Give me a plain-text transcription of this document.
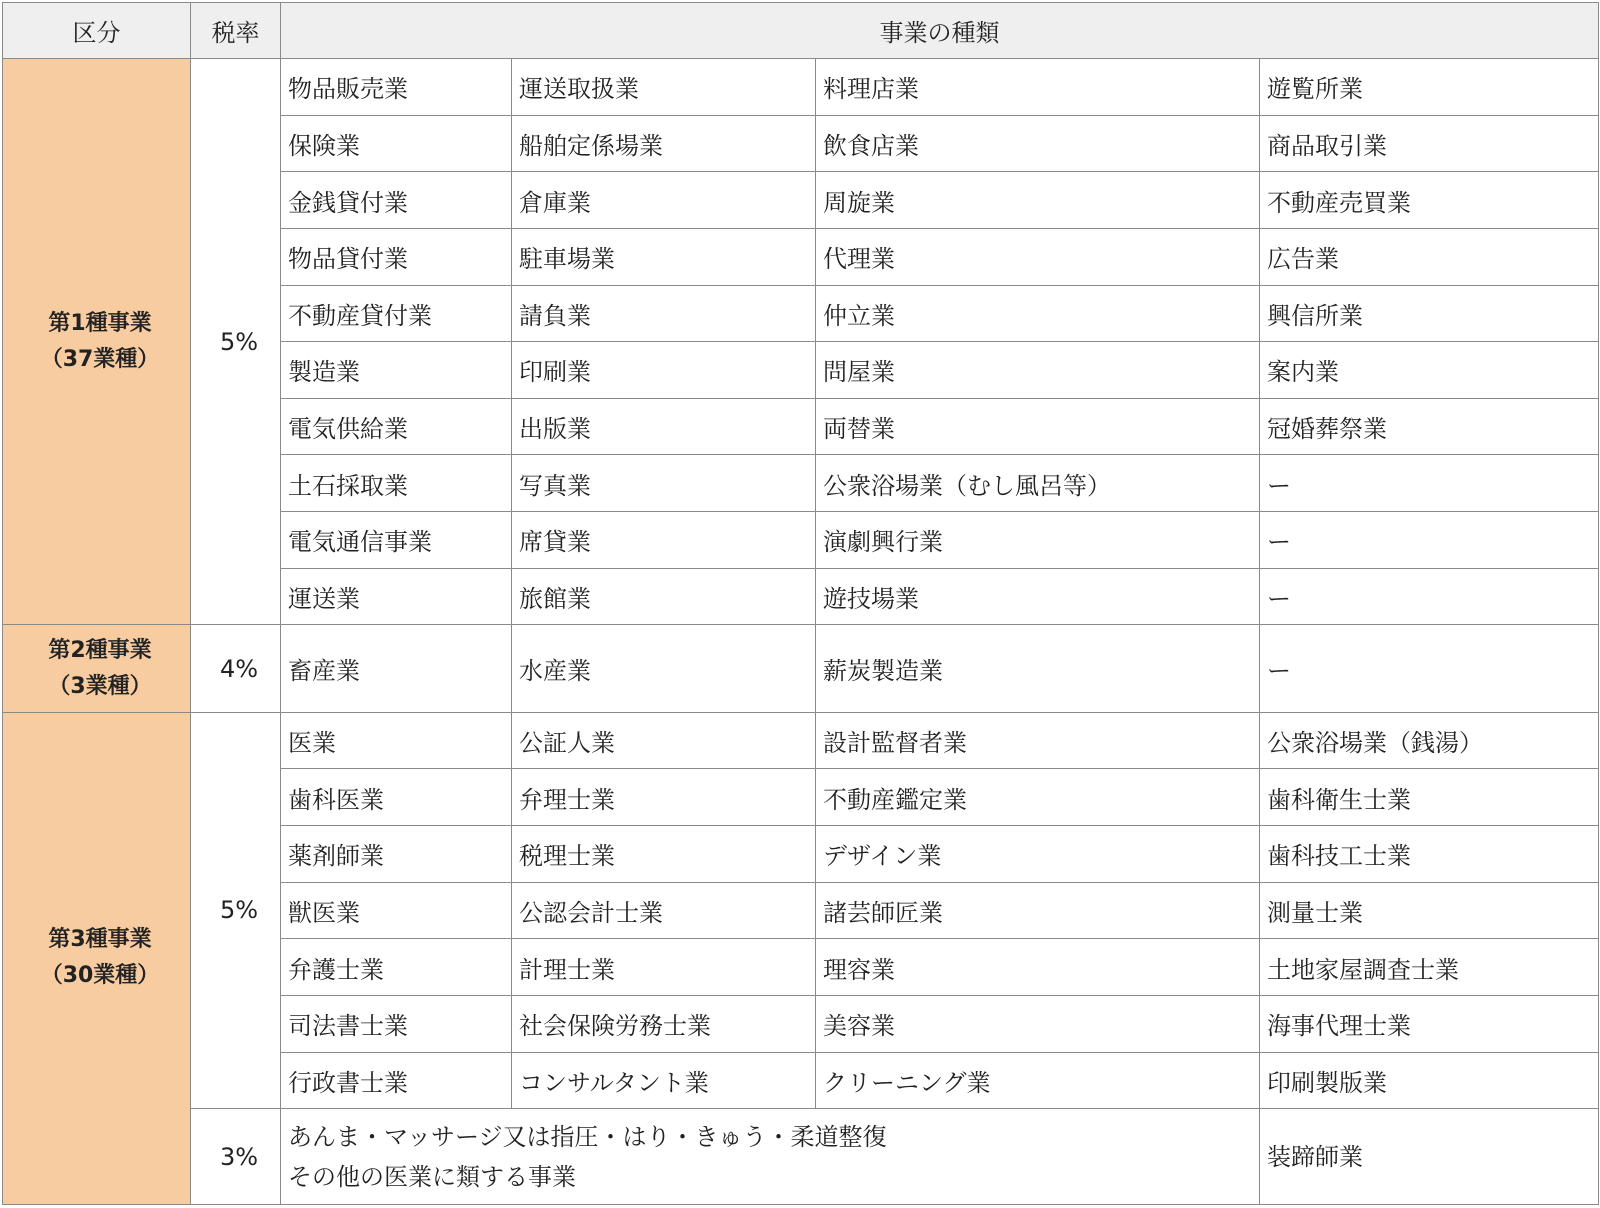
区分	税率	事業の種類			

第1種事業
（37業種）	5%	物品販売業	運送取扱業	料理店業	遊覧所業
		保険業	船舶定係場業	飲食店業	商品取引業
		金銭貸付業	倉庫業	周旋業	不動産売買業
		物品貸付業	駐車場業	代理業	広告業
		不動産貸付業	請負業	仲立業	興信所業
		製造業	印刷業	問屋業	案内業
		電気供給業	出版業	両替業	冠婚葬祭業
		土石採取業	写真業	公衆浴場業（むし風呂等）	ー
		電気通信事業	席貸業	演劇興行業	ー
		運送業	旅館業	遊技場業	ー

第2種事業
（3業種）	4%	畜産業	水産業	薪炭製造業	ー

第3種事業
（30業種）	5%	医業	公証人業	設計監督者業	公衆浴場業（銭湯）
		歯科医業	弁理士業	不動産鑑定業	歯科衛生士業
		薬剤師業	税理士業	デザイン業	歯科技工士業
		獣医業	公認会計士業	諸芸師匠業	測量士業
		弁護士業	計理士業	理容業	土地家屋調査士業
		司法書士業	社会保険労務士業	美容業	海事代理士業
		行政書士業	コンサルタント業	クリーニング業	印刷製版業
	3%	あんま・マッサージ又は指圧・はり・きゅう・柔道整復
その他の医業に類する事業			装蹄師業
